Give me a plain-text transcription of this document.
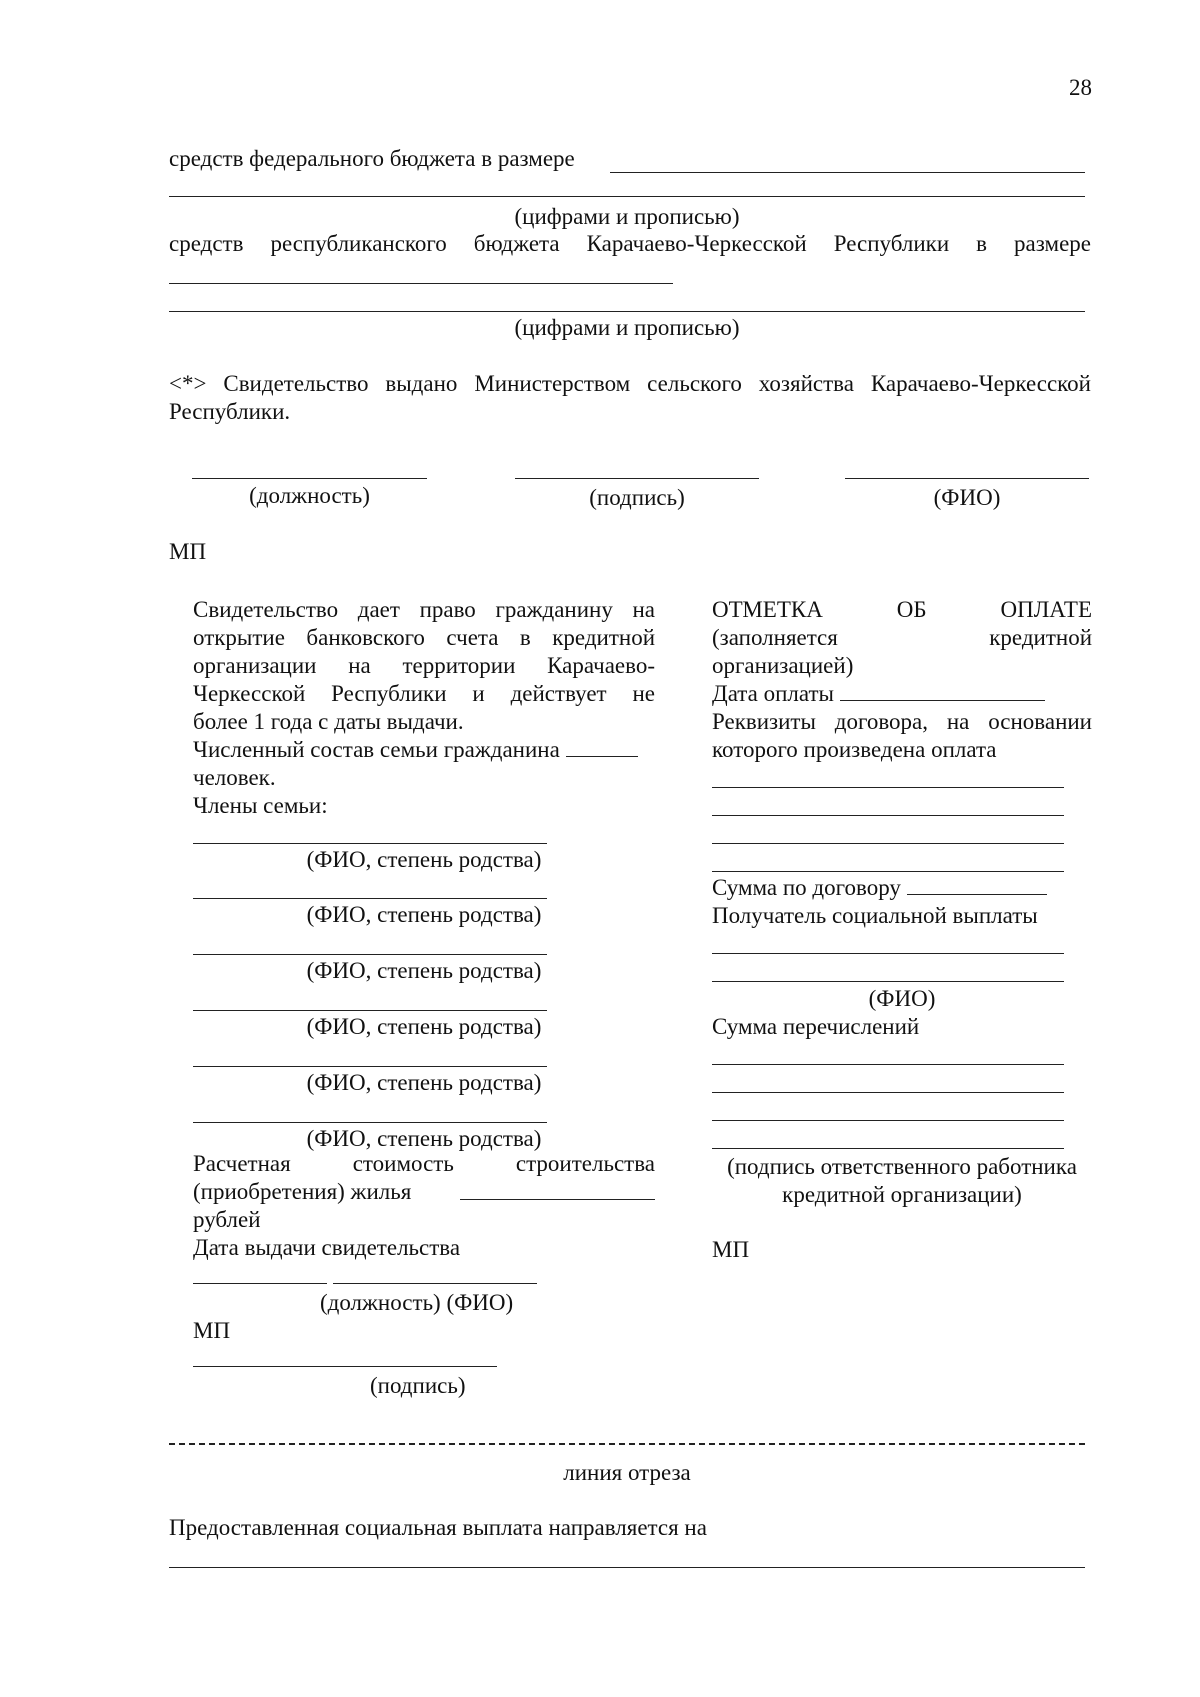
28
средств федерального бюджета в размере
(цифрами и прописью)
средств республиканского бюджета Карачаево-Черкесской Республики в размере
(цифрами и прописью)
<*> Свидетельство выдано Министерством сельского хозяйства Карачаево-Черкесской Республики.
(должность)	(подпись)	(ФИО)
МП
Свидетельство дает право гражданину на
открытие банковского счета в кредитной
организации на территории Карачаево-
Черкесской Республики и действует не
более 1 года с даты выдачи.
Численный состав семьи гражданина
человек.
Члены семьи:
(ФИО, степень родства)
(ФИО, степень родства)
(ФИО, степень родства)
(ФИО, степень родства)
(ФИО, степень родства)
(ФИО, степень родства)
Расчетная стоимость строительства
(приобретения) жилья
рублей
Дата выдачи свидетельства
(должность) (ФИО)
МП
(подпись)
ОТМЕТКА ОБ ОПЛАТЕ
(заполняется кредитной
организацией)
Дата оплаты
Реквизиты договора, на основании
которого произведена оплата
Сумма по договору
Получатель социальной выплаты
(ФИО)
Сумма перечислений
(подпись ответственного работника
кредитной организации)
МП
линия отреза
Предоставленная социальная выплата направляется на
